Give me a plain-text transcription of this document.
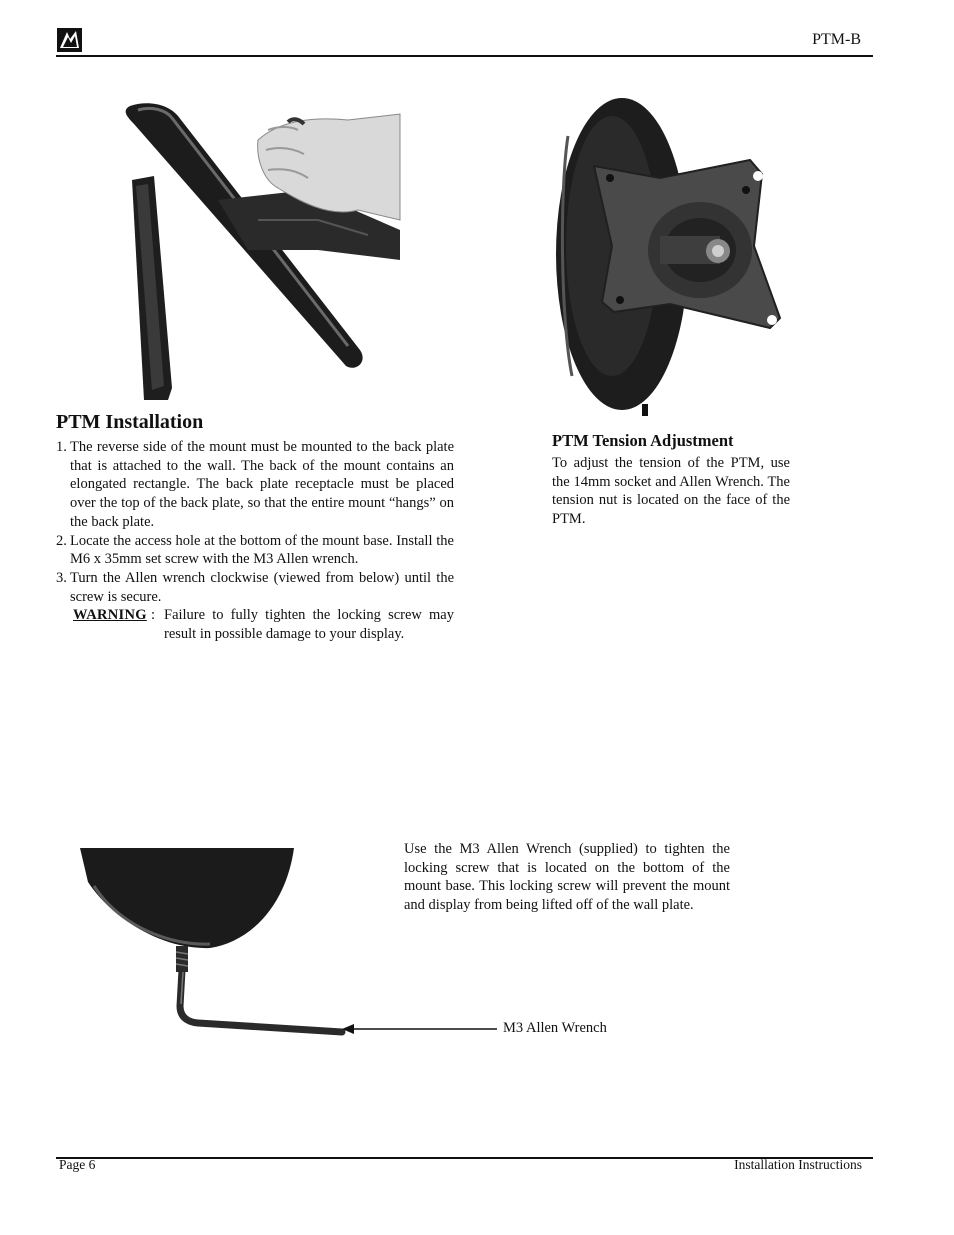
PTM-B
PTM Installation
1. The reverse side of the mount must be mounted to the back plate that is attached to the wall. The back of the mount contains an elongated rectangle. The back plate receptacle must be placed over the top of the back plate, so that the entire mount “hangs” on the back plate.
2. Locate the access hole at the bottom of the mount base. Install the M6 x 35mm set screw with the M3 Allen wrench.
3. Turn the Allen wrench clockwise (viewed from below) until the screw is secure.
WARNING : Failure to fully tighten the locking screw may result in possible damage to your display.
PTM Tension Adjustment

To adjust the tension of the PTM, use the 14mm socket and Allen Wrench. The tension nut is located on the face of the PTM.

Use the M3 Allen Wrench (supplied) to tighten the locking screw that is located on the bottom of the mount base. This locking screw will prevent the mount and display from being lifted off of the wall plate.

M3 Allen Wrench
Page 6	Installation Instructions
